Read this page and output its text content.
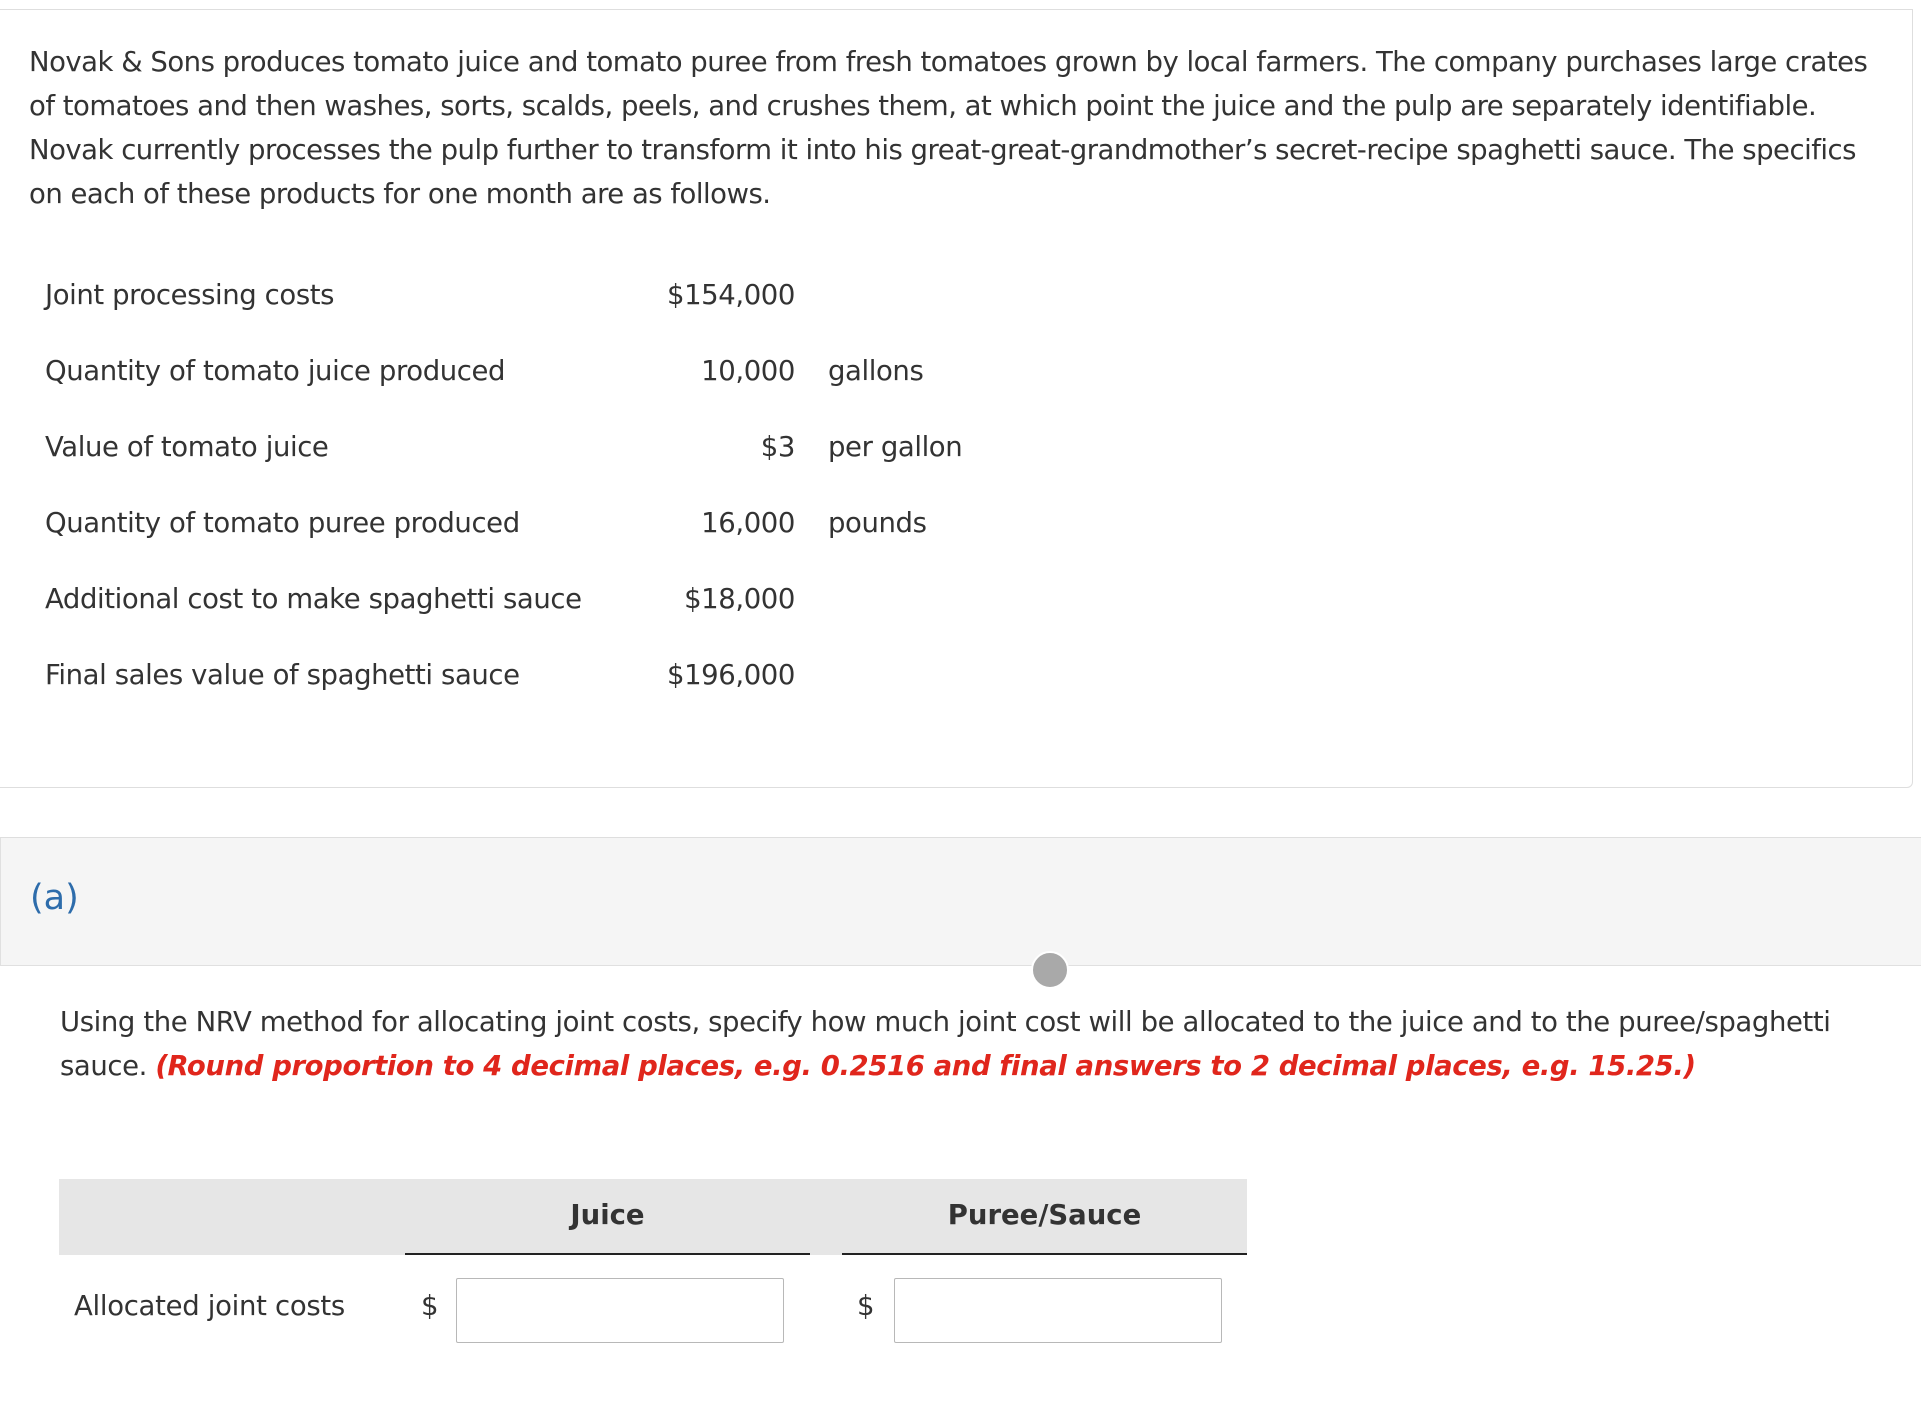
Novak & Sons produces tomato juice and tomato puree from fresh tomatoes grown by local farmers. The company purchases large crates of tomatoes and then washes, sorts, scalds, peels, and crushes them, at which point the juice and the pulp are separately identifiable. Novak currently processes the pulp further to transform it into his great-great-grandmother’s secret-recipe spaghetti sauce. The specifics on each of these products for one month are as follows.

Joint processing costs	$154,000
Quantity of tomato juice produced	10,000 gallons
Value of tomato juice	$3 per gallon
Quantity of tomato puree produced	16,000 pounds
Additional cost to make spaghetti sauce	$18,000
Final sales value of spaghetti sauce	$196,000
(a)

Using the NRV method for allocating joint costs, specify how much joint cost will be allocated to the juice and to the puree/spaghetti sauce. (Round proportion to 4 decimal places, e.g. 0.2516 and final answers to 2 decimal places, e.g. 15.25.)

Juice	Puree/Sauce
Allocated joint costs	$	$
